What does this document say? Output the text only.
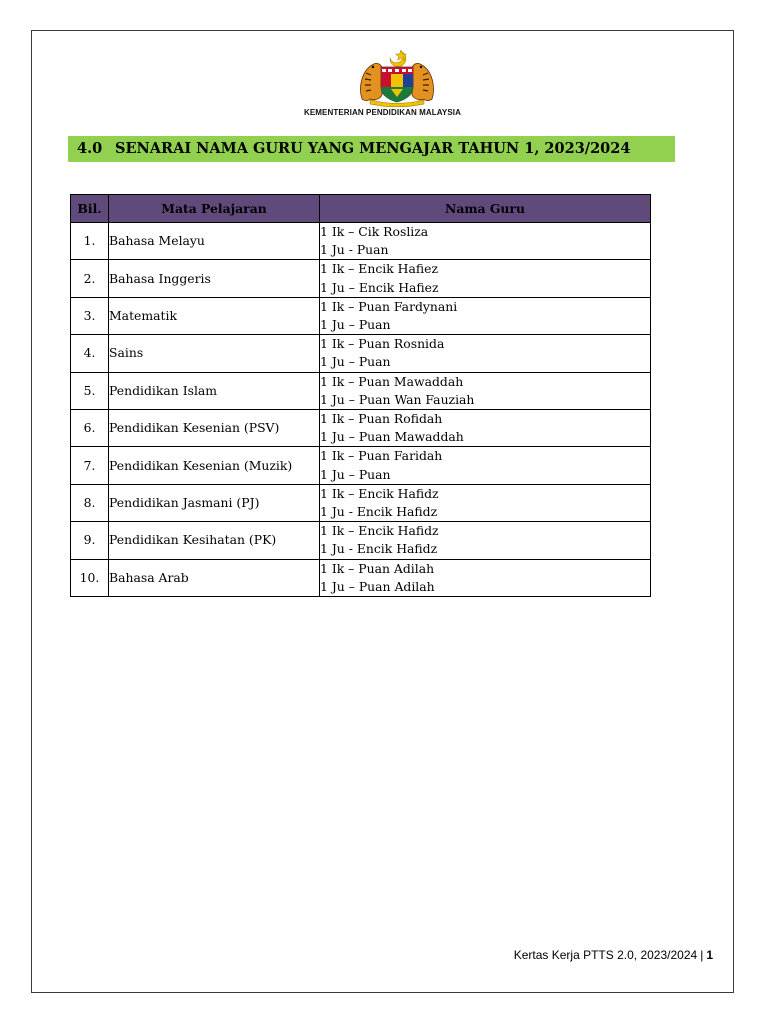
KEMENTERIAN PENDIDIKAN MALAYSIA
4.0 SENARAI NAMA GURU YANG MENGAJAR TAHUN 1, 2023/2024
Bil.	Mata Pelajaran	Nama Guru
1.	Bahasa Melayu	1 Ik – Cik Rosliza
1 Ju - Puan

2.	Bahasa Inggeris	1 Ik – Encik Hafiez
1 Ju – Encik Hafiez

3.	Matematik	1 Ik – Puan Fardynani
1 Ju – Puan

4.	Sains	1 Ik – Puan Rosnida
1 Ju – Puan

5.	Pendidikan Islam	1 Ik – Puan Mawaddah
1 Ju – Puan Wan Fauziah

6.	Pendidikan Kesenian (PSV)	1 Ik – Puan Rofidah
1 Ju – Puan Mawaddah

7.	Pendidikan Kesenian (Muzik)	1 Ik – Puan Faridah
1 Ju – Puan

8.	Pendidikan Jasmani (PJ)	1 Ik – Encik Hafidz
1 Ju - Encik Hafidz

9.	Pendidikan Kesihatan (PK)	1 Ik – Encik Hafidz
1 Ju - Encik Hafidz

10.	Bahasa Arab	1 Ik – Puan Adilah
1 Ju – Puan Adilah
Kertas Kerja PTTS 2.0, 2023/2024 | 1
